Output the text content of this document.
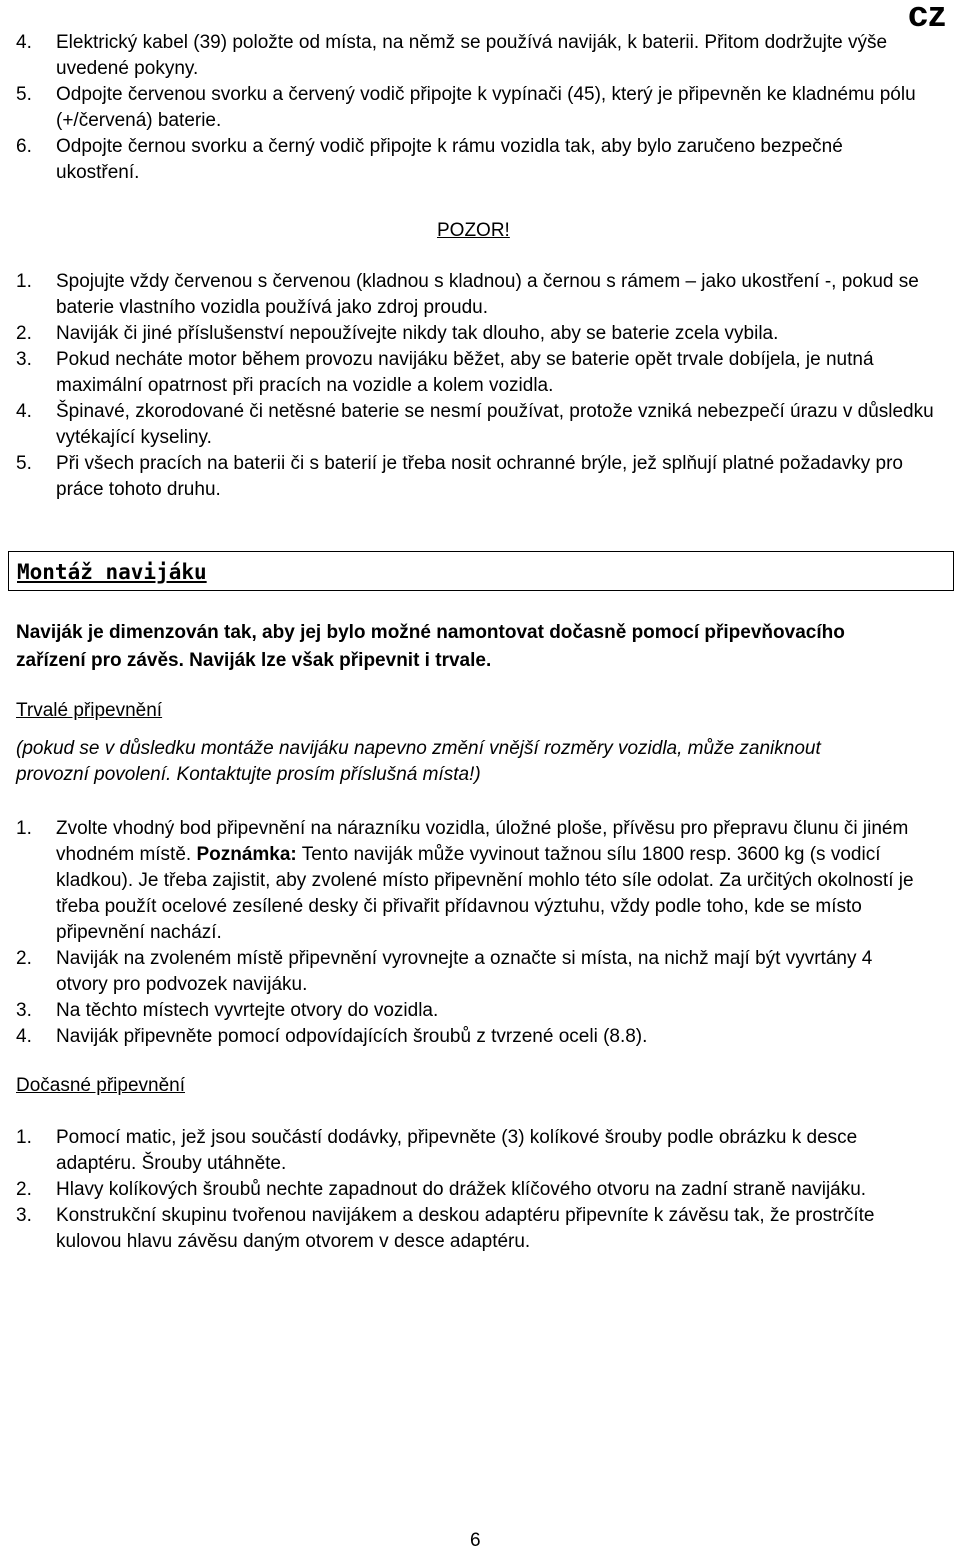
cz
4.	Elektrický kabel (39) položte od místa, na němž se používá naviják, k baterii. Přitom dodržujte výše uvedené pokyny.
5.	Odpojte červenou svorku a červený vodič připojte k vypínači (45), který je připevněn ke kladnému pólu (+/červená) baterie.
6.	Odpojte černou svorku a černý vodič připojte k rámu vozidla tak, aby bylo zaručeno bezpečné ukostření.
POZOR!
1.	Spojujte vždy červenou s červenou (kladnou s kladnou) a černou s rámem – jako ukostření -, pokud se baterie vlastního vozidla používá jako zdroj proudu.
2.	Naviják či jiné příslušenství nepoužívejte nikdy tak dlouho, aby se baterie zcela vybila.
3.	Pokud necháte motor během provozu navijáku běžet, aby se baterie opět trvale dobíjela, je nutná maximální opatrnost při pracích na vozidle a kolem vozidla.
4.	Špinavé, zkorodované či netěsné baterie se nesmí používat, protože vzniká nebezpečí úrazu v důsledku vytékající kyseliny.
5.	Při všech pracích na baterii či s baterií je třeba nosit ochranné brýle, jež splňují platné požadavky pro práce tohoto druhu.
Montáž navijáku
Naviják je dimenzován tak, aby jej bylo možné namontovat dočasně pomocí připevňovacího zařízení pro závěs. Naviják lze však připevnit i trvale.
Trvalé připevnění
(pokud se v důsledku montáže navijáku napevno změní vnější rozměry vozidla, může zaniknout provozní povolení. Kontaktujte prosím příslušná místa!)
1.	Zvolte vhodný bod připevnění na nárazníku vozidla, úložné ploše, přívěsu pro přepravu člunu či jiném vhodném místě. Poznámka: Tento naviják může vyvinout tažnou sílu 1800 resp. 3600 kg (s vodicí kladkou). Je třeba zajistit, aby zvolené místo připevnění mohlo této síle odolat. Za určitých okolností je třeba použít ocelové zesílené desky či přivařit přídavnou výztuhu, vždy podle toho, kde se místo připevnění nachází.
2.	Naviják na zvoleném místě připevnění vyrovnejte a označte si místa, na nichž mají být vyvrtány 4 otvory pro podvozek navijáku.
3.	Na těchto místech vyvrtejte otvory do vozidla.
4.	Naviják připevněte pomocí odpovídajících šroubů z tvrzené oceli (8.8).
Dočasné připevnění
1.	Pomocí matic, jež jsou součástí dodávky, připevněte (3) kolíkové šrouby podle obrázku k desce adaptéru. Šrouby utáhněte.
2.	Hlavy kolíkových šroubů nechte zapadnout do drážek klíčového otvoru na zadní straně navijáku.
3.	Konstrukční skupinu tvořenou navijákem a deskou adaptéru připevníte k závěsu tak, že prostrčíte kulovou hlavu závěsu daným otvorem v desce adaptéru.
6
